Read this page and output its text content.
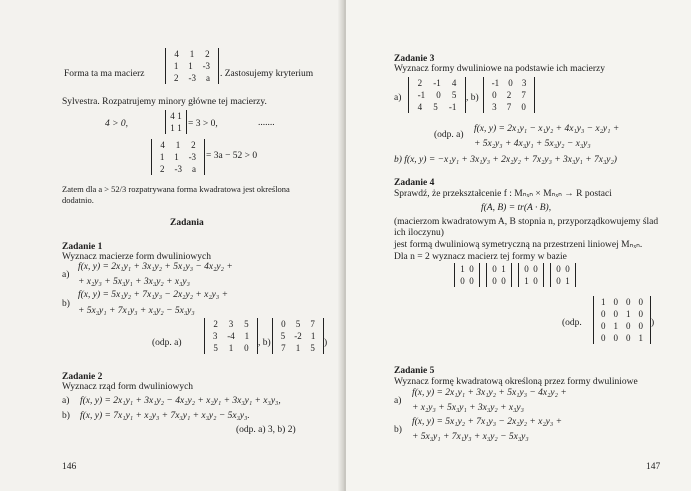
Forma ta ma macierz
4 1 2
1 1 -3
2 -3 a . Zastosujemy kryterium
Sylvestra. Rozpatrujemy minory główne tej macierzy.
4 > 0,
4 1
1 1 = 3 > 0,	.......
4 1 2
1 1 -3
2 -3 a
= 3a − 52 > 0
Zatem dla a > 52/3 rozpatrywana forma kwadratowa jest określona
dodatnio.
Zadania
Zadanie 1
Wyznacz macierze form dwuliniowych
a)
f(x, y) = 2x₁y₁ + 3x₁y₂ + 5x₁y₃ − 4x₂y₂ +
+ x₂y₃ + 5x₃y₁ + 3x₃y₂ + x₃y₃
b)
f(x, y) = 5x₁y₂ + 7x₁y₃ − 2x₂y₂ + x₂y₃ +
+ 5x₃y₁ + 7x₁y₃ + x₃y₂ − 5x₃y₃
(odp. a)
2 3 5
3 -4 1
5 1 0 , b)
0 5 7
5 -2 1
7 1 5 )
Zadanie 2
Wyznacz rząd form dwuliniowych
a) f(x, y) = 2x₁y₁ + 3x₁y₂ − 4x₂y₂ + x₂y₁ + 3x₃y₁ + x₃y₃,
b) f(x, y) = 7x₁y₁ + x₂y₃ + 7x₃y₁ + x₃y₂ − 5x₃y₃.
(odp. a) 3, b) 2)
146
Zadanie 3
Wyznacz formy dwuliniowe na podstawie ich macierzy
a)
2 -1 4
-1 0 5
4 5 -1
, b)
-1 0 3
0 2 7
3 7 0
(odp. a)
f(x, y) = 2x₁y₁ − x₁y₂ + 4x₁y₃ − x₂y₁ +
+ 5x₂y₃ + 4x₃y₁ + 5x₃y₂ − x₃y₃
b) f(x, y) = −x₁y₁ + 3x₁y₃ + 2x₂y₂ + 7x₂y₃ + 3x₃y₁ + 7x₃y₂)
Zadanie 4
Sprawdź, że przekształcenie f : Mₙₓₙ × Mₙₓₙ → R postaci
f(A, B) = tr(A · B),
(macierzom kwadratowym A, B stopnia n, przyporządkowujemy ślad
ich iloczynu)
jest formą dwuliniową symetryczną na przestrzeni liniowej Mₙₓₙ.
Dla n = 2 wyznacz macierz tej formy w bazie
1 0
0 0
0 1
0 0
0 0
1 0
0 0
0 1
(odp.
1 0 0 0
0 0 1 0
0 1 0 0
0 0 0 1
)
Zadanie 5
Wyznacz formę kwadratową określoną przez formy dwuliniowe
a)
f(x, y) = 2x₁y₁ + 3x₁y₂ + 5x₁y₃ − 4x₂y₂ +
+ x₂y₃ + 5x₃y₁ + 3x₃y₂ + x₃y₃
b)
f(x, y) = 5x₁y₂ + 7x₁y₃ − 2x₂y₂ + x₂y₃ +
+ 5x₃y₁ + 7x₁y₃ + x₃y₂ − 5x₃y₃
147
